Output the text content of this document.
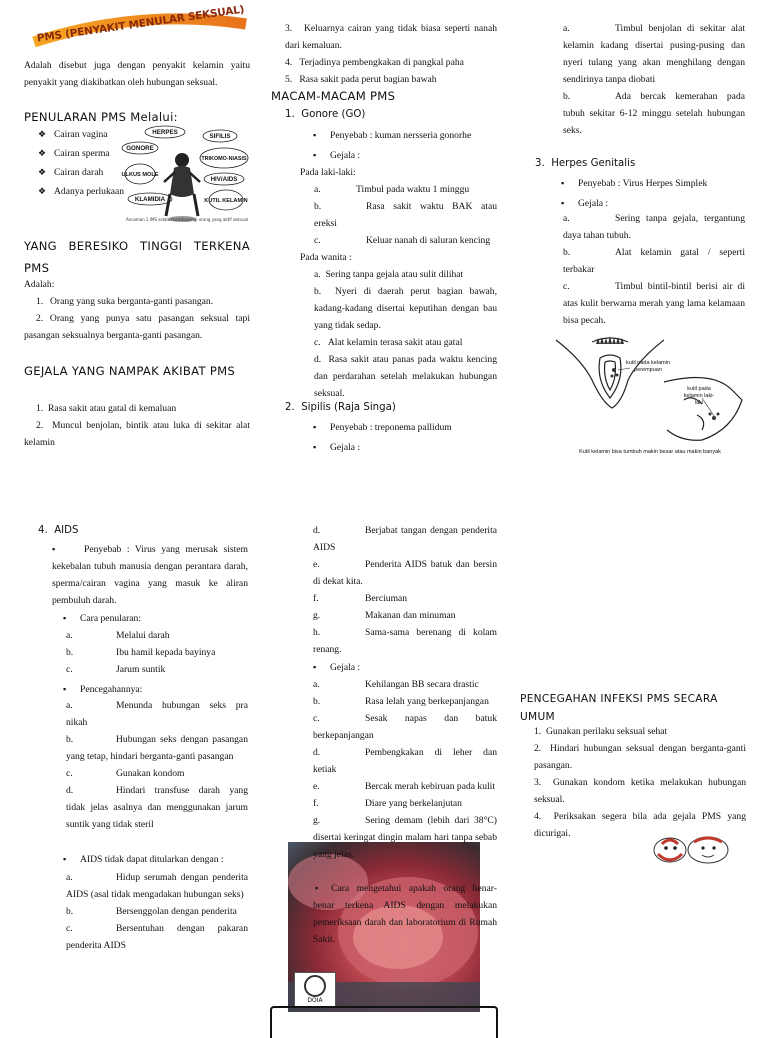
PMS (PENYAKIT MENULAR SEKSUAL)
Adalah disebut juga dengan penyakit kelamin yaitu penyakit yang diakibatkan oleh hubungan seksual.
PENULARAN PMS Melalui:
❖ Cairan vagina
❖ Cairan sperma
❖ Cairan darah
❖ Adanya perlukaan
HERPES
SIFILIS
GONORE
TRIKOMO-NIASIS
ULKUS MOLE
HIV/AIDS
KLAMIDIA	KUTIL KELAMIN
Ancaman 1 IMS selalu membayangi orang yang aktif seksual
YANG BERESIKO TINGGI TERKENA PMS
Adalah:
1. Orang yang suka berganta-ganti pasangan.
2. Orang yang punya satu pasangan seksual tapi pasangan seksualnya berganta-ganti pasangan.
GEJALA YANG NAMPAK AKIBAT PMS
1.  Rasa sakit atau gatal di kemaluan
2.  Muncul benjolan, bintik atau luka di sekitar alat kelamin
3.   Keluarnya cairan yang tidak biasa seperti nanah dari kemaluan.
4.   Terjadinya pembengkakan di pangkal paha
5.   Rasa sakit pada perut bagian bawah
MACAM-MACAM PMS
1.  Gonore (GO)
▪ Penyebab : kuman nersseria gonorhe
▪ Gejala :
Pada laki-laki:
a.	Timbul pada waktu 1 minggu
b.	Rasa sakit waktu BAK atau ereksi
c.	Keluar nanah di saluran kencing
Pada wanita :
a.  Sering tanpa gejala atau sulit dilihat
b.  Nyeri di daerah perut bagian bawah, kadang-kadang disertai keputihan dengan bau yang tidak sedap.
c.   Alat kelamin terasa sakit atau gatal
d.  Rasa sakit atau panas pada waktu kencing dan perdarahan setelah melakukan hubungan seksual.
2.  Sipilis (Raja Singa)
▪ Penyebab : treponema pallidum
▪ Gejala :
a.	Timbul benjolan di sekitar alat kelamin kadang disertai pusing-pusing dan nyeri tulang yang akan menghilang dengan sendirinya tanpa diobati
b.	Ada bercak kemerahan pada tubuh sekitar 6-12 minggu setelah hubungan seks.
3.  Herpes Genitalis
▪ Penyebab : Virus Herpes Simplek
▪ Gejala :
a.	Sering tanpa gejala, tergantung daya tahan tubuh.
b.	Alat kelamin gatal / seperti terbakar
c.	Timbul bintil-bintil berisi air di atas kulit berwarna merah yang lama kelamaan bisa pecah.
kutil pada kelamin perempuan
kutil pada kelamin laki-laki
Kutil kelamin bisa tumbuh makin besar atau makin banyak
4.  AIDS
▪	Penyebab : Virus yang merusak sistem kekebalan tubuh manusia dengan perantara darah, sperma/cairan vagina yang masuk ke aliran pembuluh darah.
▪ Cara penularan:
a.	Melalui darah
b.	Ibu hamil kepada bayinya
c.	Jarum suntik
▪ Pencegahannya:
a.	Menunda hubungan seks pra nikah
b.	Hubungan seks dengan pasangan yang tetap, hindari berganta-ganti pasangan
c.	Gunakan kondom
d.	Hindari transfuse darah yang tidak jelas asalnya dan menggunakan jarum suntik yang tidak steril
▪ AIDS tidak dapat ditularkan dengan :
a.	Hidup serumah dengan penderita AIDS (asal tidak mengadakan hubungan seks)
b.	Bersenggolan dengan penderita
c.	Bersentuhan dengan pakaran penderita AIDS
d.	Berjabat tangan dengan penderita AIDS
e.	Penderita AIDS batuk dan bersin di dekat kita.
f.	Berciuman
g.	Makanan dan minuman
h.	Sama-sama berenang di kolam renang.
▪ Gejala :
DOIA
a.	Kehilangan BB secara drastic
b.	Rasa lelah yang berkepanjangan
c.	Sesak napas dan batuk berkepanjangan
d.	Pembengkakan di leher dan ketiak
e.	Bercak merah kebiruan pada kulit
f.	Diare yang berkelanjutan
g.	Sering demam (lebih dari 38°C) disertai keringat dingin malam hari tanpa sebab yang jelas.
▪ Cara mengetahui apakah orang benar-benar terkena AIDS dengan melakukan pemeriksaan darah dan laboratorium di Rumah Sakit.
PENCEGAHAN INFEKSI PMS SECARA UMUM
1.  Gunakan perilaku seksual sehat
2.  Hindari hubungan seksual dengan berganta-ganti pasangan.
3.  Gunakan kondom ketika melakukan hubungan seksual.
4.  Periksakan segera bila ada gejala PMS yang dicurigai.
